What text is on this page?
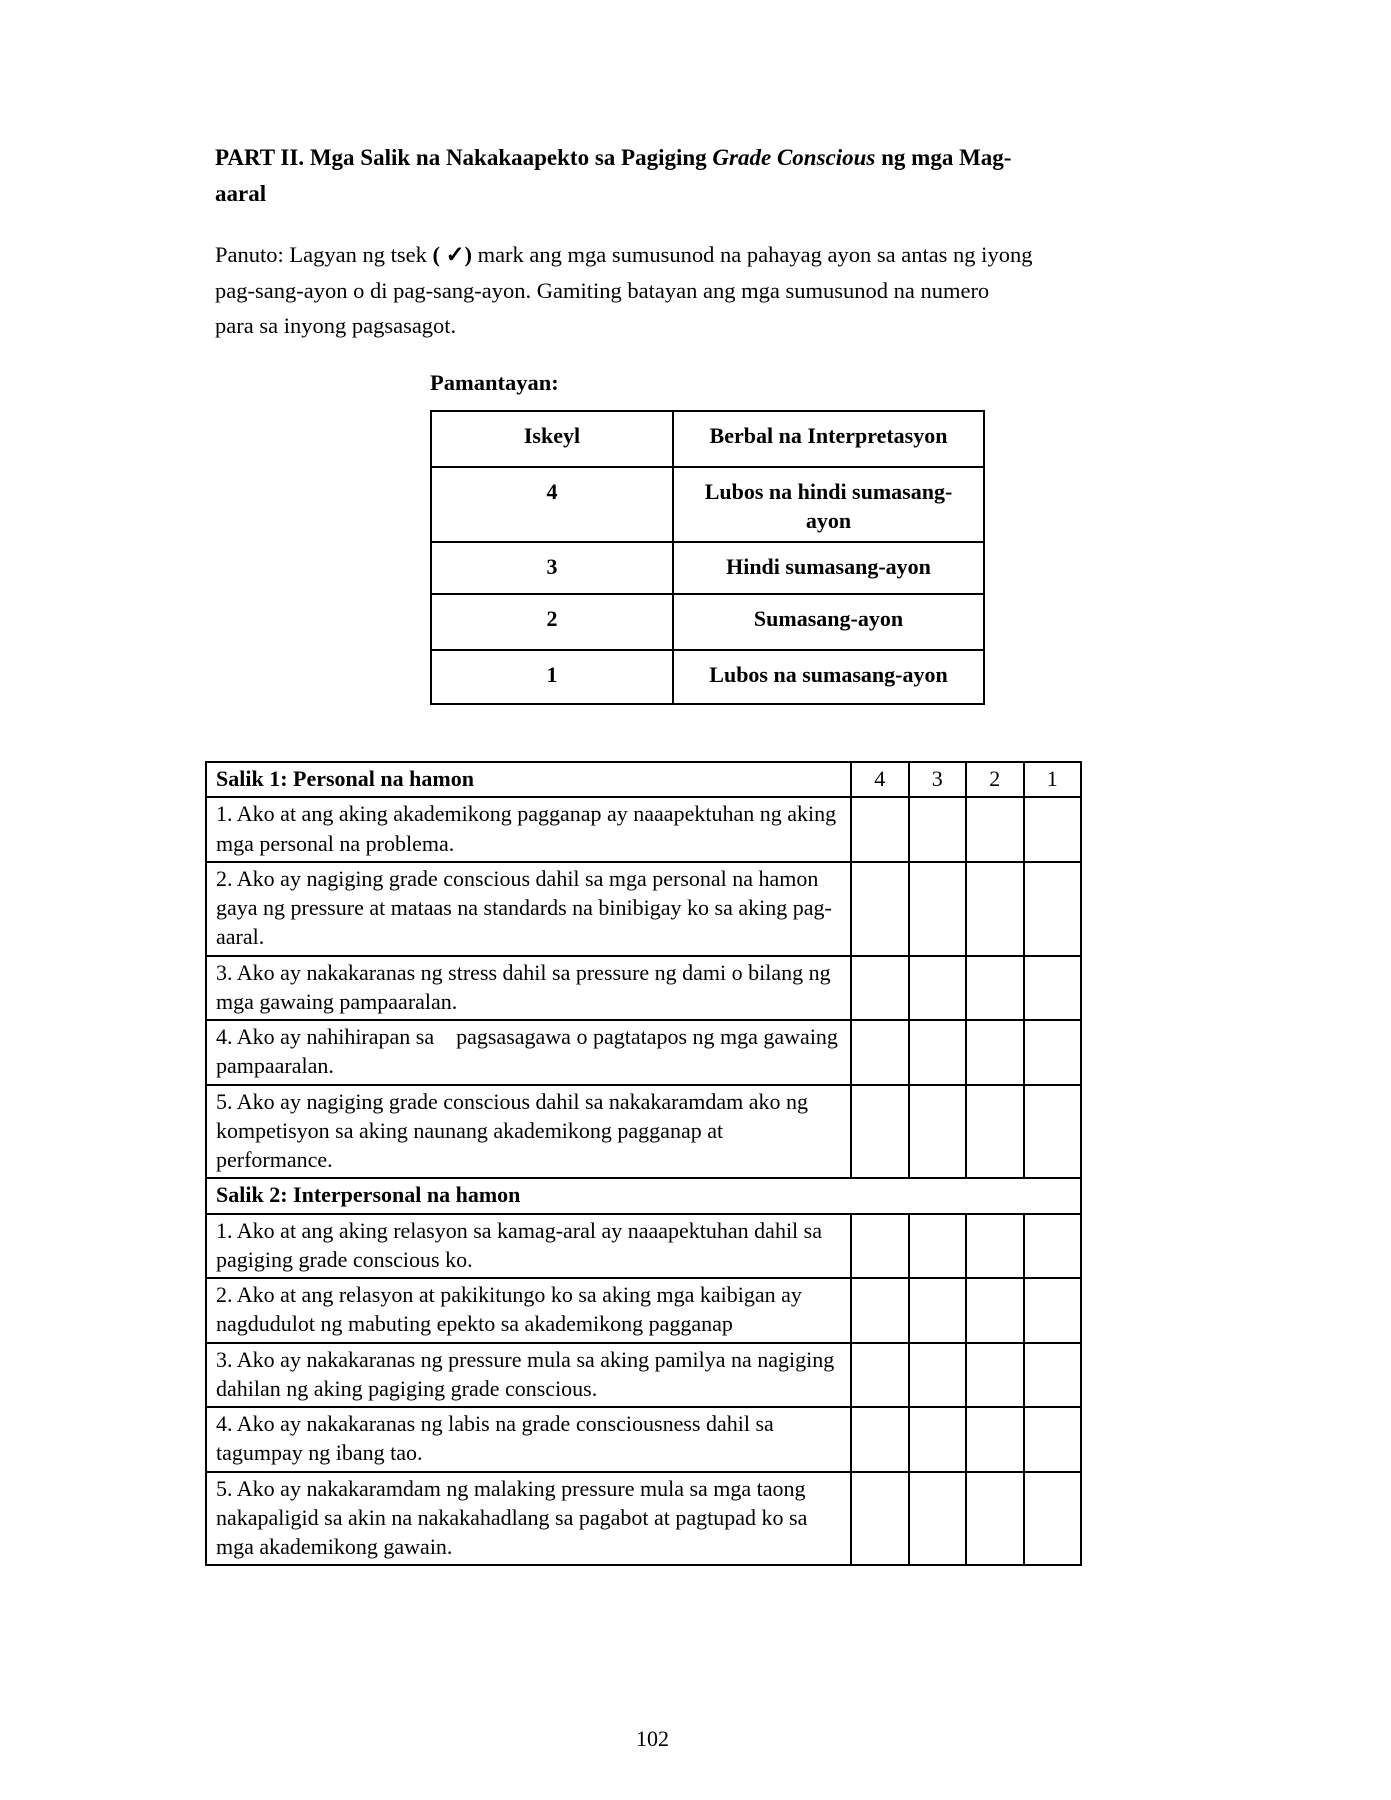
PART II. Mga Salik na Nakakaapekto sa Pagiging Grade Conscious ng mga Mag-aaral
Panuto: Lagyan ng tsek ( ✓) mark ang mga sumusunod na pahayag ayon sa antas ng iyong pag-sang-ayon o di pag-sang-ayon. Gamiting batayan ang mga sumusunod na numero para sa inyong pagsasagot.
Pamantayan:
Iskeyl	Berbal na Interpretasyon
4	Lubos na hindi sumasang-ayon
3	Hindi sumasang-ayon
2	Sumasang-ayon
1	Lubos na sumasang-ayon
Salik 1: Personal na hamon	4	3	2	1
1. Ako at ang aking akademikong pagganap ay naaapektuhan ng aking mga personal na problema.				
2. Ako ay nagiging grade conscious dahil sa mga personal na hamon gaya ng pressure at mataas na standards na binibigay ko sa aking pag-aaral.				
3. Ako ay nakakaranas ng stress dahil sa pressure ng dami o bilang ng mga gawaing pampaaralan.				
4. Ako ay nahihirapan sa    pagsasagawa o pagtatapos ng mga gawaing pampaaralan.				
5. Ako ay nagiging grade conscious dahil sa nakakaramdam ako ng kompetisyon sa aking naunang akademikong pagganap at performance.				
Salik 2: Interpersonal na hamon				
1. Ako at ang aking relasyon sa kamag-aral ay naaapektuhan dahil sa pagiging grade conscious ko.				
2. Ako at ang relasyon at pakikitungo ko sa aking mga kaibigan ay nagdudulot ng mabuting epekto sa akademikong pagganap				
3. Ako ay nakakaranas ng pressure mula sa aking pamilya na nagiging dahilan ng aking pagiging grade conscious.				
4. Ako ay nakakaranas ng labis na grade consciousness dahil sa tagumpay ng ibang tao.				
5. Ako ay nakakaramdam ng malaking pressure mula sa mga taong nakapaligid sa akin na nakakahadlang sa pagabot at pagtupad ko sa mga akademikong gawain.				
102
